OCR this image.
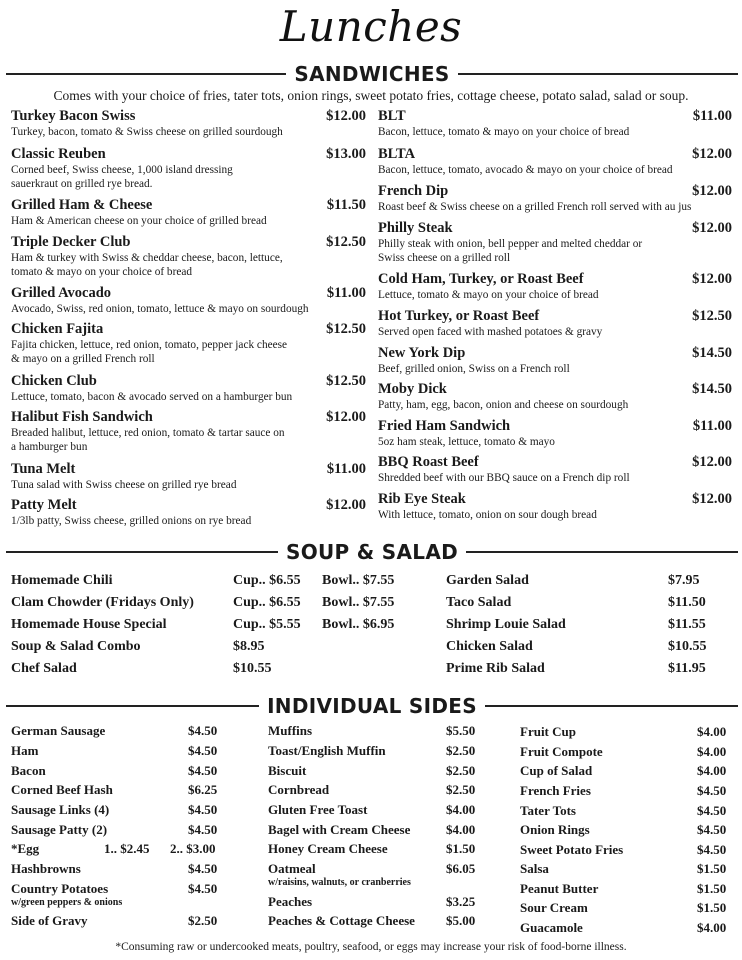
Lunches
SANDWICHES
Comes with your choice of fries, tater tots, onion rings, sweet potato fries, cottage cheese, potato salad, salad or soup.
Turkey Bacon Swiss	$12.00
Turkey, bacon, tomato & Swiss cheese on grilled sourdough
Classic Reuben	$13.00
Corned beef, Swiss cheese, 1,000 island dressing
sauerkraut on grilled rye bread.
Grilled Ham & Cheese	$11.50
Ham & American cheese on your choice of grilled bread
Triple Decker Club	$12.50
Ham & turkey with Swiss & cheddar cheese, bacon, lettuce,
tomato & mayo on your choice of bread
Grilled Avocado	$11.00
Avocado, Swiss, red onion, tomato, lettuce & mayo on sourdough
Chicken Fajita	$12.50
Fajita chicken, lettuce, red onion, tomato, pepper jack cheese
& mayo on a grilled French roll
Chicken Club	$12.50
Lettuce, tomato, bacon & avocado served on a hamburger bun
Halibut Fish Sandwich	$12.00
Breaded halibut, lettuce, red onion, tomato & tartar sauce on
a hamburger bun
Tuna Melt	$11.00
Tuna salad with Swiss cheese on grilled rye bread
Patty Melt	$12.00
1/3lb patty, Swiss cheese, grilled onions on rye bread
BLT	$11.00
Bacon, lettuce, tomato & mayo on your choice of bread
BLTA	$12.00
Bacon, lettuce, tomato, avocado & mayo on your choice of bread
French Dip	$12.00
Roast beef & Swiss cheese on a grilled French roll served with au jus
Philly Steak	$12.00
Philly steak with onion, bell pepper and melted cheddar or
Swiss cheese on a grilled roll
Cold Ham, Turkey, or Roast Beef	$12.00
Lettuce, tomato & mayo on your choice of bread
Hot Turkey, or Roast Beef	$12.50
Served open faced with mashed potatoes & gravy
New York Dip	$14.50
Beef, grilled onion, Swiss on a French roll
Moby Dick	$14.50
Patty, ham, egg, bacon, onion and cheese on sourdough
Fried Ham Sandwich	$11.00
5oz ham steak, lettuce, tomato & mayo
BBQ Roast Beef	$12.00
Shredded beef with our BBQ sauce on a French dip roll
Rib Eye Steak	$12.00
With lettuce, tomato, onion on sour dough bread
SOUP & SALAD
Homemade Chili	Cup.. $6.55 Bowl.. $7.55
Clam Chowder (Fridays Only)	Cup.. $6.55 Bowl.. $7.55
Homemade House Special	Cup.. $5.55 Bowl.. $6.95
Soup & Salad Combo	$8.95
Chef Salad	$10.55
Garden Salad	$7.95
Taco Salad	$11.50
Shrimp Louie Salad	$11.55
Chicken Salad	$10.55
Prime Rib Salad	$11.95
INDIVIDUAL SIDES
German Sausage	$4.50
Ham	$4.50
Bacon	$4.50
Corned Beef Hash	$6.25
Sausage Links (4)	$4.50
Sausage Patty (2)	$4.50
*Egg	1.. $2.45 2.. $3.00
Hashbrowns	$4.50
Country Potatoes	$4.50
w/green peppers & onions
Side of Gravy	$2.50
Muffins	$5.50
Toast/English Muffin	$2.50
Biscuit	$2.50
Cornbread	$2.50
Gluten Free Toast	$4.00
Bagel with Cream Cheese	$4.00
Honey Cream Cheese	$1.50
Oatmeal	$6.05
w/raisins, walnuts, or cranberries
Peaches	$3.25
Peaches & Cottage Cheese $5.00
Fruit Cup	$4.00
Fruit Compote	$4.00
Cup of Salad	$4.00
French Fries	$4.50
Tater Tots	$4.50
Onion Rings	$4.50
Sweet Potato Fries	$4.50
Salsa	$1.50
Peanut Butter	$1.50
Sour Cream	$1.50
Guacamole	$4.00
*Consuming raw or undercooked meats, poultry, seafood, or eggs may increase your risk of food-borne illness.
